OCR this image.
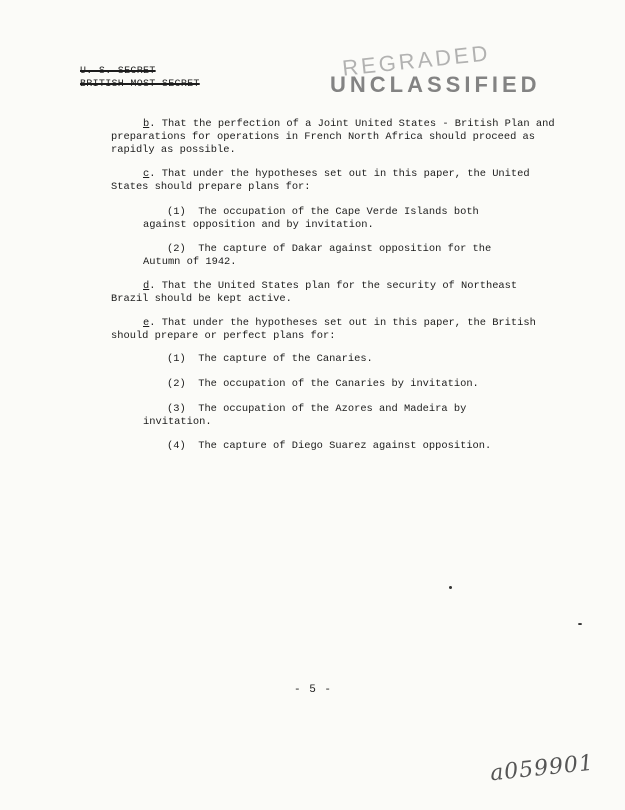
U. S. SECRET
BRITISH MOST SECRET
REGRADED
UNCLASSIFIED
b. That the perfection of a Joint United States - British Plan and
preparations for operations in French North Africa should proceed as
rapidly as possible.
c. That under the hypotheses set out in this paper, the United
States should prepare plans for:
(1) The occupation of the Cape Verde Islands both
against opposition and by invitation.
(2) The capture of Dakar against opposition for the
Autumn of 1942.
d. That the United States plan for the security of Northeast
Brazil should be kept active.
e. That under the hypotheses set out in this paper, the British
should prepare or perfect plans for:
(1) The capture of the Canaries.
(2) The occupation of the Canaries by invitation.
(3) The occupation of the Azores and Madeira by
invitation.
(4) The capture of Diego Suarez against opposition.
- 5 -
a059901
